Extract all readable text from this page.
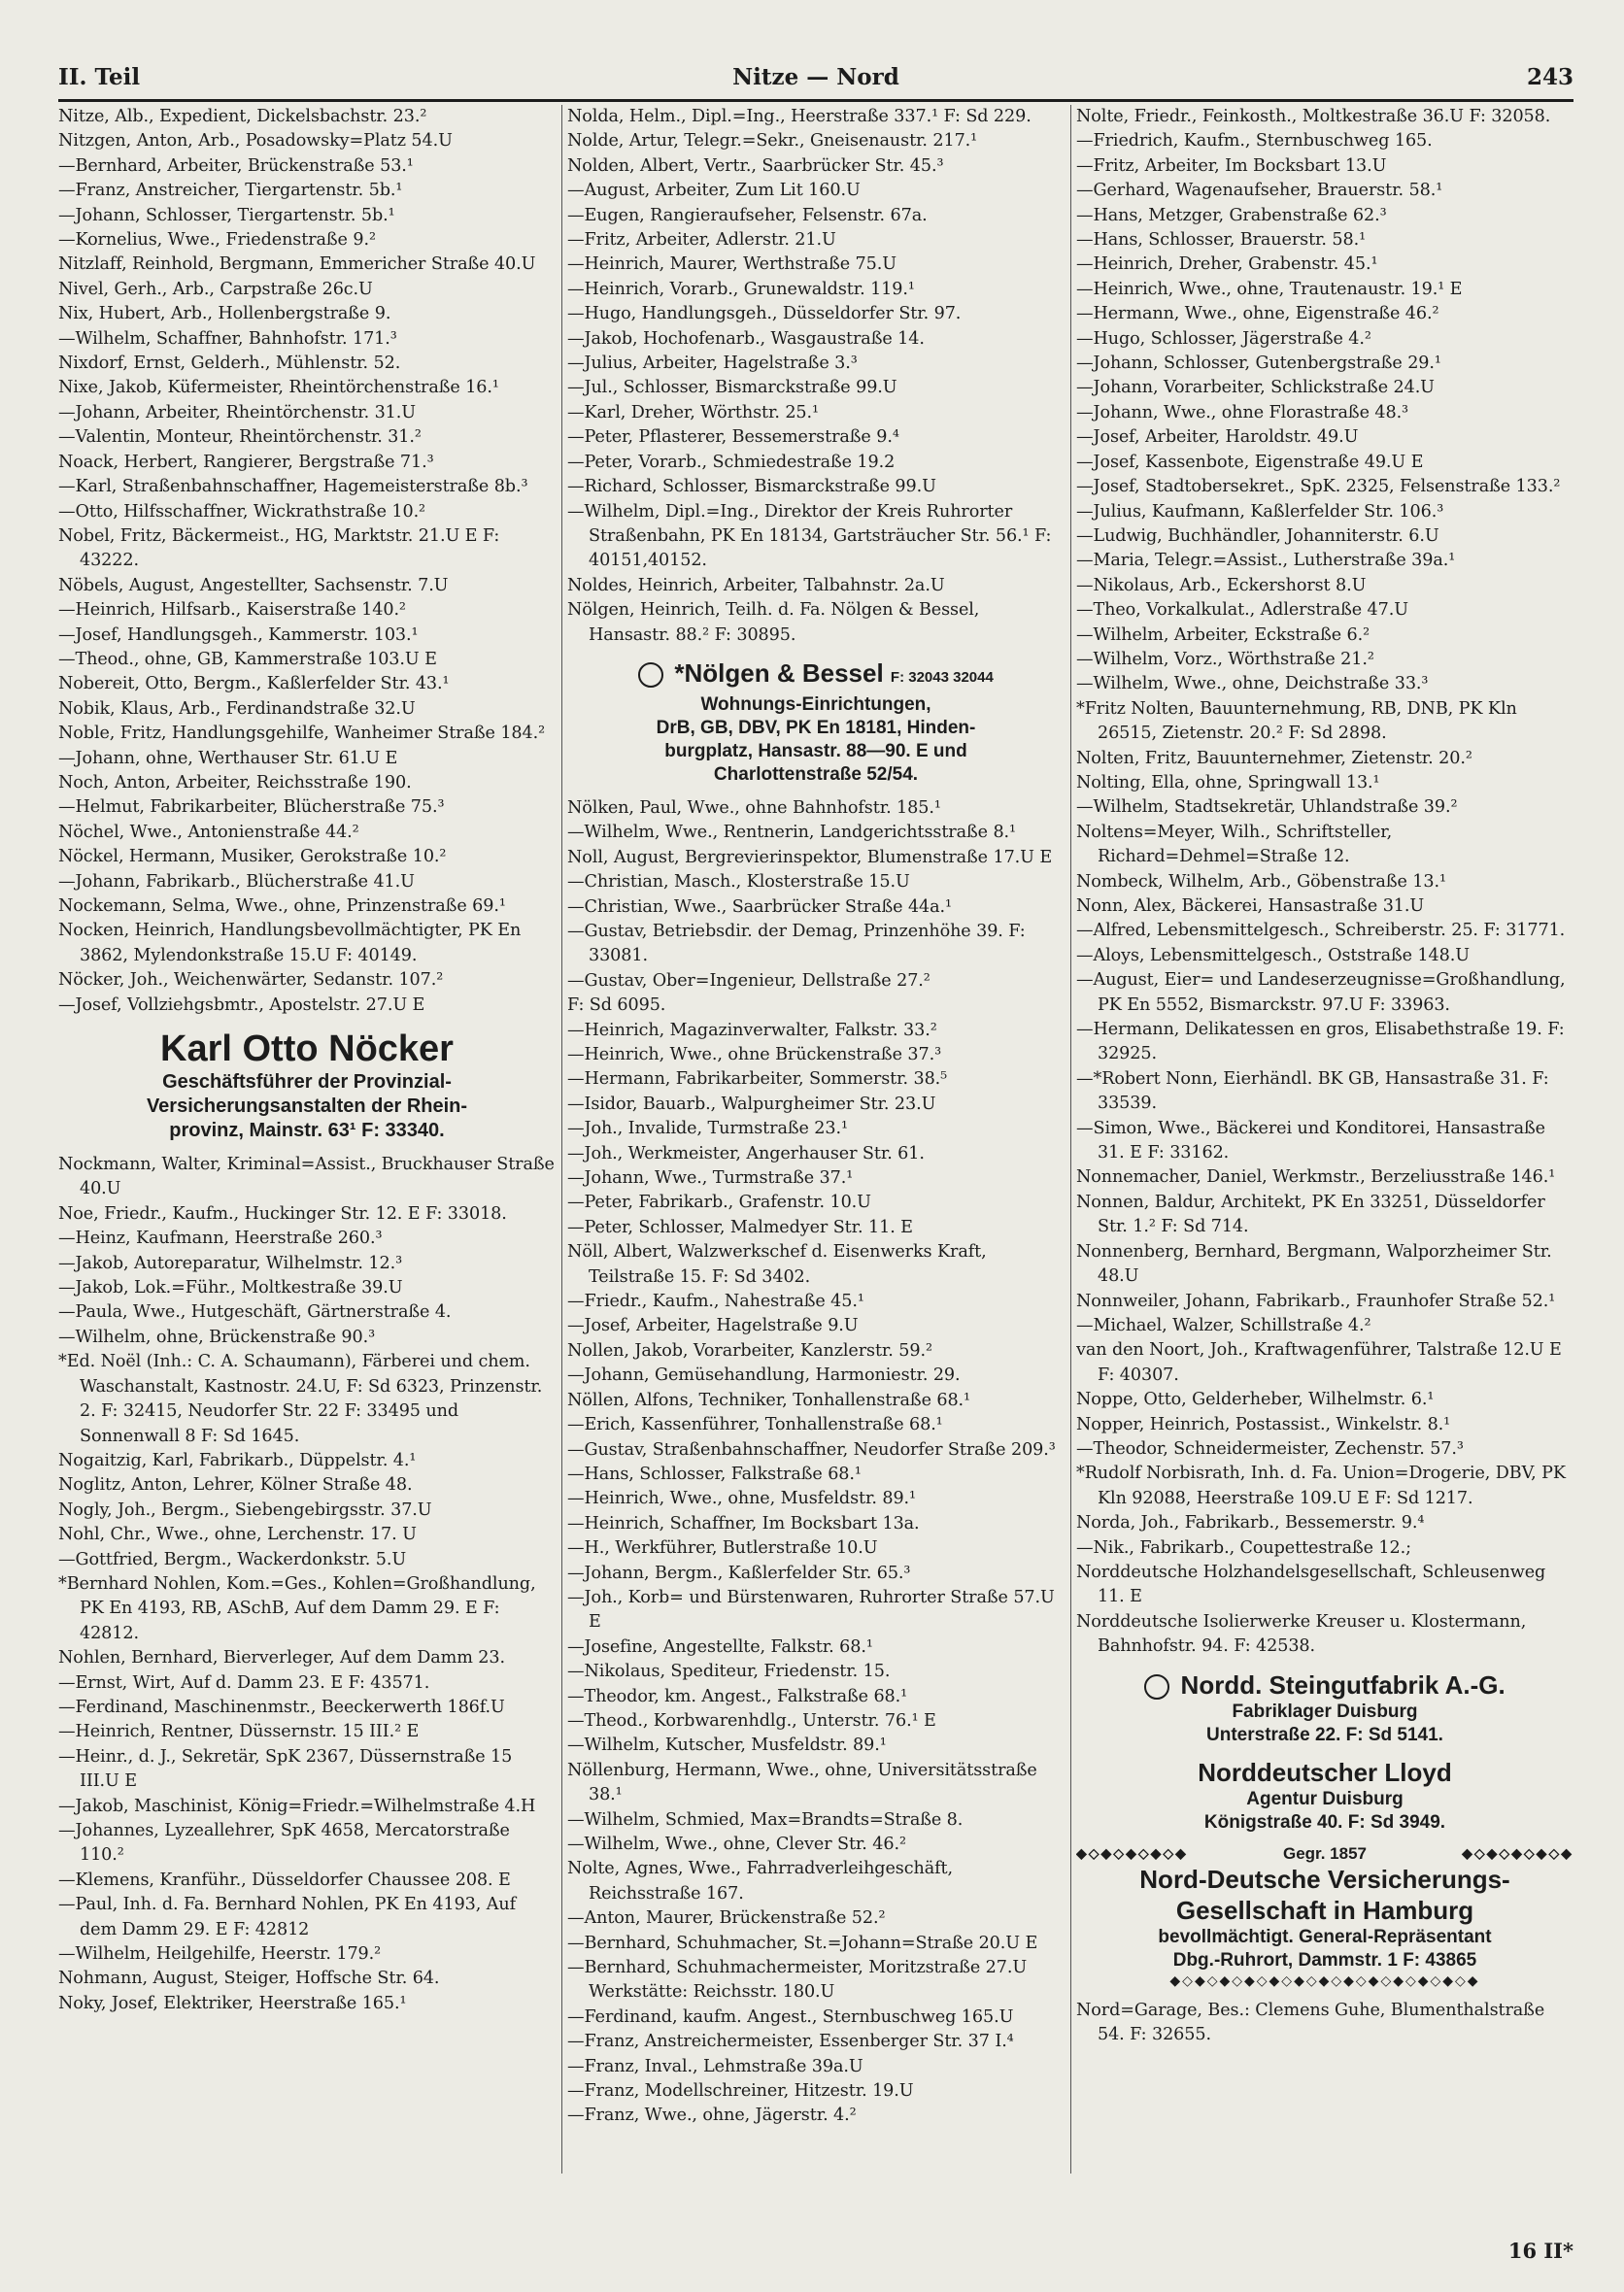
II. Teil	Nitze — Nord	243
Nitze, Alb., Expedient, Dickelsbachstr. 23.²
Nitzgen, Anton, Arb., Posadowsky=Platz 54.U
—Bernhard, Arbeiter, Brückenstraße 53.¹
—Franz, Anstreicher, Tiergartenstr. 5b.¹
—Johann, Schlosser, Tiergartenstr. 5b.¹
—Kornelius, Wwe., Friedenstraße 9.²
Nitzlaff, Reinhold, Bergmann, Emmericher Straße 40.U
Nivel, Gerh., Arb., Carpstraße 26c.U
Nix, Hubert, Arb., Hollenbergstraße 9.
—Wilhelm, Schaffner, Bahnhofstr. 171.³
Nixdorf, Ernst, Gelderh., Mühlenstr. 52.
Nixe, Jakob, Küfermeister, Rheintörchenstraße 16.¹
—Johann, Arbeiter, Rheintörchenstr. 31.U
—Valentin, Monteur, Rheintörchenstr. 31.²
Noack, Herbert, Rangierer, Bergstraße 71.³
—Karl, Straßenbahnschaffner, Hagemeisterstraße 8b.³
—Otto, Hilfsschaffner, Wickrathstraße 10.²
Nobel, Fritz, Bäckermeist., HG, Marktstr. 21.U E F: 43222.
Nöbels, August, Angestellter, Sachsenstr. 7.U
—Heinrich, Hilfsarb., Kaiserstraße 140.²
—Josef, Handlungsgeh., Kammerstr. 103.¹
—Theod., ohne, GB, Kammerstraße 103.U E
Nobereit, Otto, Bergm., Kaßlerfelder Str. 43.¹
Nobik, Klaus, Arb., Ferdinandstraße 32.U
Noble, Fritz, Handlungsgehilfe, Wanheimer Straße 184.²
—Johann, ohne, Werthauser Str. 61.U E
Noch, Anton, Arbeiter, Reichsstraße 190.
—Helmut, Fabrikarbeiter, Blücherstraße 75.³
Nöchel, Wwe., Antonienstraße 44.²
Nöckel, Hermann, Musiker, Gerokstraße 10.²
—Johann, Fabrikarb., Blücherstraße 41.U
Nockemann, Selma, Wwe., ohne, Prinzenstraße 69.¹
Nocken, Heinrich, Handlungsbevollmächtigter, PK En 3862, Mylendonkstraße 15.U F: 40149.
Nöcker, Joh., Weichenwärter, Sedanstr. 107.²
—Josef, Vollziehgsbmtr., Apostelstr. 27.U E
Karl Otto Nöcker
Geschäftsführer der Provinzial-
Versicherungsanstalten der Rhein-
provinz, Mainstr. 63¹ F: 33340.
Nockmann, Walter, Kriminal=Assist., Bruckhauser Straße 40.U
Noe, Friedr., Kaufm., Huckinger Str. 12. E F: 33018.
—Heinz, Kaufmann, Heerstraße 260.³
—Jakob, Autoreparatur, Wilhelmstr. 12.³
—Jakob, Lok.=Führ., Moltkestraße 39.U
—Paula, Wwe., Hutgeschäft, Gärtnerstraße 4.
—Wilhelm, ohne, Brückenstraße 90.³
*Ed. Noël (Inh.: C. A. Schaumann), Färberei und chem. Waschanstalt, Kastnostr. 24.U, F: Sd 6323, Prinzenstr. 2. F: 32415, Neudorfer Str. 22 F: 33495 und Sonnenwall 8 F: Sd 1645.
Nogaitzig, Karl, Fabrikarb., Düppelstr. 4.¹
Noglitz, Anton, Lehrer, Kölner Straße 48.
Nogly, Joh., Bergm., Siebengebirgsstr. 37.U
Nohl, Chr., Wwe., ohne, Lerchenstr. 17. U
—Gottfried, Bergm., Wackerdonkstr. 5.U
*Bernhard Nohlen, Kom.=Ges., Kohlen=Großhandlung, PK En 4193, RB, ASchB, Auf dem Damm 29. E F: 42812.
Nohlen, Bernhard, Bierverleger, Auf dem Damm 23.
—Ernst, Wirt, Auf d. Damm 23. E F: 43571.
—Ferdinand, Maschinenmstr., Beeckerwerth 186f.U
—Heinrich, Rentner, Düssernstr. 15 III.² E
—Heinr., d. J., Sekretär, SpK 2367, Düssernstraße 15 III.U E
—Jakob, Maschinist, König=Friedr.=Wilhelmstraße 4.H
—Johannes, Lyzeallehrer, SpK 4658, Mercatorstraße 110.²
—Klemens, Kranführ., Düsseldorfer Chaussee 208. E
—Paul, Inh. d. Fa. Bernhard Nohlen, PK En 4193, Auf dem Damm 29. E F: 42812
—Wilhelm, Heilgehilfe, Heerstr. 179.²
Nohmann, August, Steiger, Hoffsche Str. 64.
Noky, Josef, Elektriker, Heerstraße 165.¹
Nolda, Helm., Dipl.=Ing., Heerstraße 337.¹ F: Sd 229.
Nolde, Artur, Telegr.=Sekr., Gneisenaustr. 217.¹
Nolden, Albert, Vertr., Saarbrücker Str. 45.³
—August, Arbeiter, Zum Lit 160.U
—Eugen, Rangieraufseher, Felsenstr. 67a.
—Fritz, Arbeiter, Adlerstr. 21.U
—Heinrich, Maurer, Werthstraße 75.U
—Heinrich, Vorarb., Grunewaldstr. 119.¹
—Hugo, Handlungsgeh., Düsseldorfer Str. 97.
—Jakob, Hochofenarb., Wasgaustraße 14.
—Julius, Arbeiter, Hagelstraße 3.³
—Jul., Schlosser, Bismarckstraße 99.U
—Karl, Dreher, Wörthstr. 25.¹
—Peter, Pflasterer, Bessemerstraße 9.⁴
—Peter, Vorarb., Schmiedestraße 19.2
—Richard, Schlosser, Bismarckstraße 99.U
—Wilhelm, Dipl.=Ing., Direktor der Kreis Ruhrorter Straßenbahn, PK En 18134, Gartsträucher Str. 56.¹ F: 40151,40152.
Noldes, Heinrich, Arbeiter, Talbahnstr. 2a.U
Nölgen, Heinrich, Teilh. d. Fa. Nölgen & Bessel, Hansastr. 88.² F: 30895.
*Nölgen & Bessel F: 32043 32044
Wohnungs-Einrichtungen,
DrB, GB, DBV, PK En 18181, Hinden-
burgplatz, Hansastr. 88—90. E und
Charlottenstraße 52/54.
Nölken, Paul, Wwe., ohne Bahnhofstr. 185.¹
—Wilhelm, Wwe., Rentnerin, Landgerichtsstraße 8.¹
Noll, August, Bergrevierinspektor, Blumenstraße 17.U E
—Christian, Masch., Klosterstraße 15.U
—Christian, Wwe., Saarbrücker Straße 44a.¹
—Gustav, Betriebsdir. der Demag, Prinzenhöhe 39. F: 33081.
—Gustav, Ober=Ingenieur, Dellstraße 27.²
F: Sd 6095.
—Heinrich, Magazinverwalter, Falkstr. 33.²
—Heinrich, Wwe., ohne Brückenstraße 37.³
—Hermann, Fabrikarbeiter, Sommerstr. 38.⁵
—Isidor, Bauarb., Walpurgheimer Str. 23.U
—Joh., Invalide, Turmstraße 23.¹
—Joh., Werkmeister, Angerhauser Str. 61.
—Johann, Wwe., Turmstraße 37.¹
—Peter, Fabrikarb., Grafenstr. 10.U
—Peter, Schlosser, Malmedyer Str. 11. E
Nöll, Albert, Walzwerkschef d. Eisenwerks Kraft, Teilstraße 15. F: Sd 3402.
—Friedr., Kaufm., Nahestraße 45.¹
—Josef, Arbeiter, Hagelstraße 9.U
Nollen, Jakob, Vorarbeiter, Kanzlerstr. 59.²
—Johann, Gemüsehandlung, Harmoniestr. 29.
Nöllen, Alfons, Techniker, Tonhallenstraße 68.¹
—Erich, Kassenführer, Tonhallenstraße 68.¹
—Gustav, Straßenbahnschaffner, Neudorfer Straße 209.³
—Hans, Schlosser, Falkstraße 68.¹
—Heinrich, Wwe., ohne, Musfeldstr. 89.¹
—Heinrich, Schaffner, Im Bocksbart 13a.
—H., Werkführer, Butlerstraße 10.U
—Johann, Bergm., Kaßlerfelder Str. 65.³
—Joh., Korb= und Bürstenwaren, Ruhrorter Straße 57.U E
—Josefine, Angestellte, Falkstr. 68.¹
—Nikolaus, Spediteur, Friedenstr. 15.
—Theodor, km. Angest., Falkstraße 68.¹
—Theod., Korbwarenhdlg., Unterstr. 76.¹ E
—Wilhelm, Kutscher, Musfeldstr. 89.¹
Nöllenburg, Hermann, Wwe., ohne, Universitätsstraße 38.¹
—Wilhelm, Schmied, Max=Brandts=Straße 8.
—Wilhelm, Wwe., ohne, Clever Str. 46.²
Nolte, Agnes, Wwe., Fahrradverleihgeschäft, Reichsstraße 167.
—Anton, Maurer, Brückenstraße 52.²
—Bernhard, Schuhmacher, St.=Johann=Straße 20.U E
—Bernhard, Schuhmachermeister, Moritzstraße 27.U Werkstätte: Reichsstr. 180.U
—Ferdinand, kaufm. Angest., Sternbuschweg 165.U
—Franz, Anstreichermeister, Essenberger Str. 37 I.⁴
—Franz, Inval., Lehmstraße 39a.U
—Franz, Modellschreiner, Hitzestr. 19.U
—Franz, Wwe., ohne, Jägerstr. 4.²
Nolte, Friedr., Feinkosth., Moltkestraße 36.U F: 32058.
—Friedrich, Kaufm., Sternbuschweg 165.
—Fritz, Arbeiter, Im Bocksbart 13.U
—Gerhard, Wagenaufseher, Brauerstr. 58.¹
—Hans, Metzger, Grabenstraße 62.³
—Hans, Schlosser, Brauerstr. 58.¹
—Heinrich, Dreher, Grabenstr. 45.¹
—Heinrich, Wwe., ohne, Trautenaustr. 19.¹ E
—Hermann, Wwe., ohne, Eigenstraße 46.²
—Hugo, Schlosser, Jägerstraße 4.²
—Johann, Schlosser, Gutenbergstraße 29.¹
—Johann, Vorarbeiter, Schlickstraße 24.U
—Johann, Wwe., ohne Florastraße 48.³
—Josef, Arbeiter, Haroldstr. 49.U
—Josef, Kassenbote, Eigenstraße 49.U E
—Josef, Stadtobersekret., SpK. 2325, Felsenstraße 133.²
—Julius, Kaufmann, Kaßlerfelder Str. 106.³
—Ludwig, Buchhändler, Johanniterstr. 6.U
—Maria, Telegr.=Assist., Lutherstraße 39a.¹
—Nikolaus, Arb., Eckershorst 8.U
—Theo, Vorkalkulat., Adlerstraße 47.U
—Wilhelm, Arbeiter, Eckstraße 6.²
—Wilhelm, Vorz., Wörthstraße 21.²
—Wilhelm, Wwe., ohne, Deichstraße 33.³
*Fritz Nolten, Bauunternehmung, RB, DNB, PK Kln 26515, Zietenstr. 20.² F: Sd 2898.
Nolten, Fritz, Bauunternehmer, Zietenstr. 20.²
Nolting, Ella, ohne, Springwall 13.¹
—Wilhelm, Stadtsekretär, Uhlandstraße 39.²
Noltens=Meyer, Wilh., Schriftsteller, Richard=Dehmel=Straße 12.
Nombeck, Wilhelm, Arb., Göbenstraße 13.¹
Nonn, Alex, Bäckerei, Hansastraße 31.U
—Alfred, Lebensmittelgesch., Schreiberstr. 25. F: 31771.
—Aloys, Lebensmittelgesch., Oststraße 148.U
—August, Eier= und Landeserzeugnisse=Großhandlung, PK En 5552, Bismarckstr. 97.U F: 33963.
—Hermann, Delikatessen en gros, Elisabethstraße 19. F: 32925.
—*Robert Nonn, Eierhändl. BK GB, Hansastraße 31. F: 33539.
—Simon, Wwe., Bäckerei und Konditorei, Hansastraße 31. E F: 33162.
Nonnemacher, Daniel, Werkmstr., Berzeliusstraße 146.¹
Nonnen, Baldur, Architekt, PK En 33251, Düsseldorfer Str. 1.² F: Sd 714.
Nonnenberg, Bernhard, Bergmann, Walporzheimer Str. 48.U
Nonnweiler, Johann, Fabrikarb., Fraunhofer Straße 52.¹
—Michael, Walzer, Schillstraße 4.²
van den Noort, Joh., Kraftwagenführer, Talstraße 12.U E F: 40307.
Noppe, Otto, Gelderheber, Wilhelmstr. 6.¹
Nopper, Heinrich, Postassist., Winkelstr. 8.¹
—Theodor, Schneidermeister, Zechenstr. 57.³
*Rudolf Norbisrath, Inh. d. Fa. Union=Drogerie, DBV, PK Kln 92088, Heerstraße 109.U E F: Sd 1217.
Norda, Joh., Fabrikarb., Bessemerstr. 9.⁴
—Nik., Fabrikarb., Coupettestraße 12.;
Norddeutsche Holzhandelsgesellschaft, Schleusenweg 11. E
Norddeutsche Isolierwerke Kreuser u. Klostermann, Bahnhofstr. 94. F: 42538.
Nordd. Steingutfabrik A.-G.
Fabriklager Duisburg
Unterstraße 22. F: Sd 5141.
Norddeutscher Lloyd
Agentur Duisburg
Königstraße 40. F: Sd 3949.
◆◇◆◇◆◇◆◇◆	Gegr. 1857	◆◇◆◇◆◇◆◇◆
Nord-Deutsche Versicherungs-
Gesellschaft in Hamburg
bevollmächtigt. General-Repräsentant
Dbg.-Ruhrort, Dammstr. 1 F: 43865
◆◇◆◇◆◇◆◇◆◇◆◇◆◇◆◇◆◇◆◇◆◇◆◇◆
Nord=Garage, Bes.: Clemens Guhe, Blumenthalstraße 54. F: 32655.
16 II*
